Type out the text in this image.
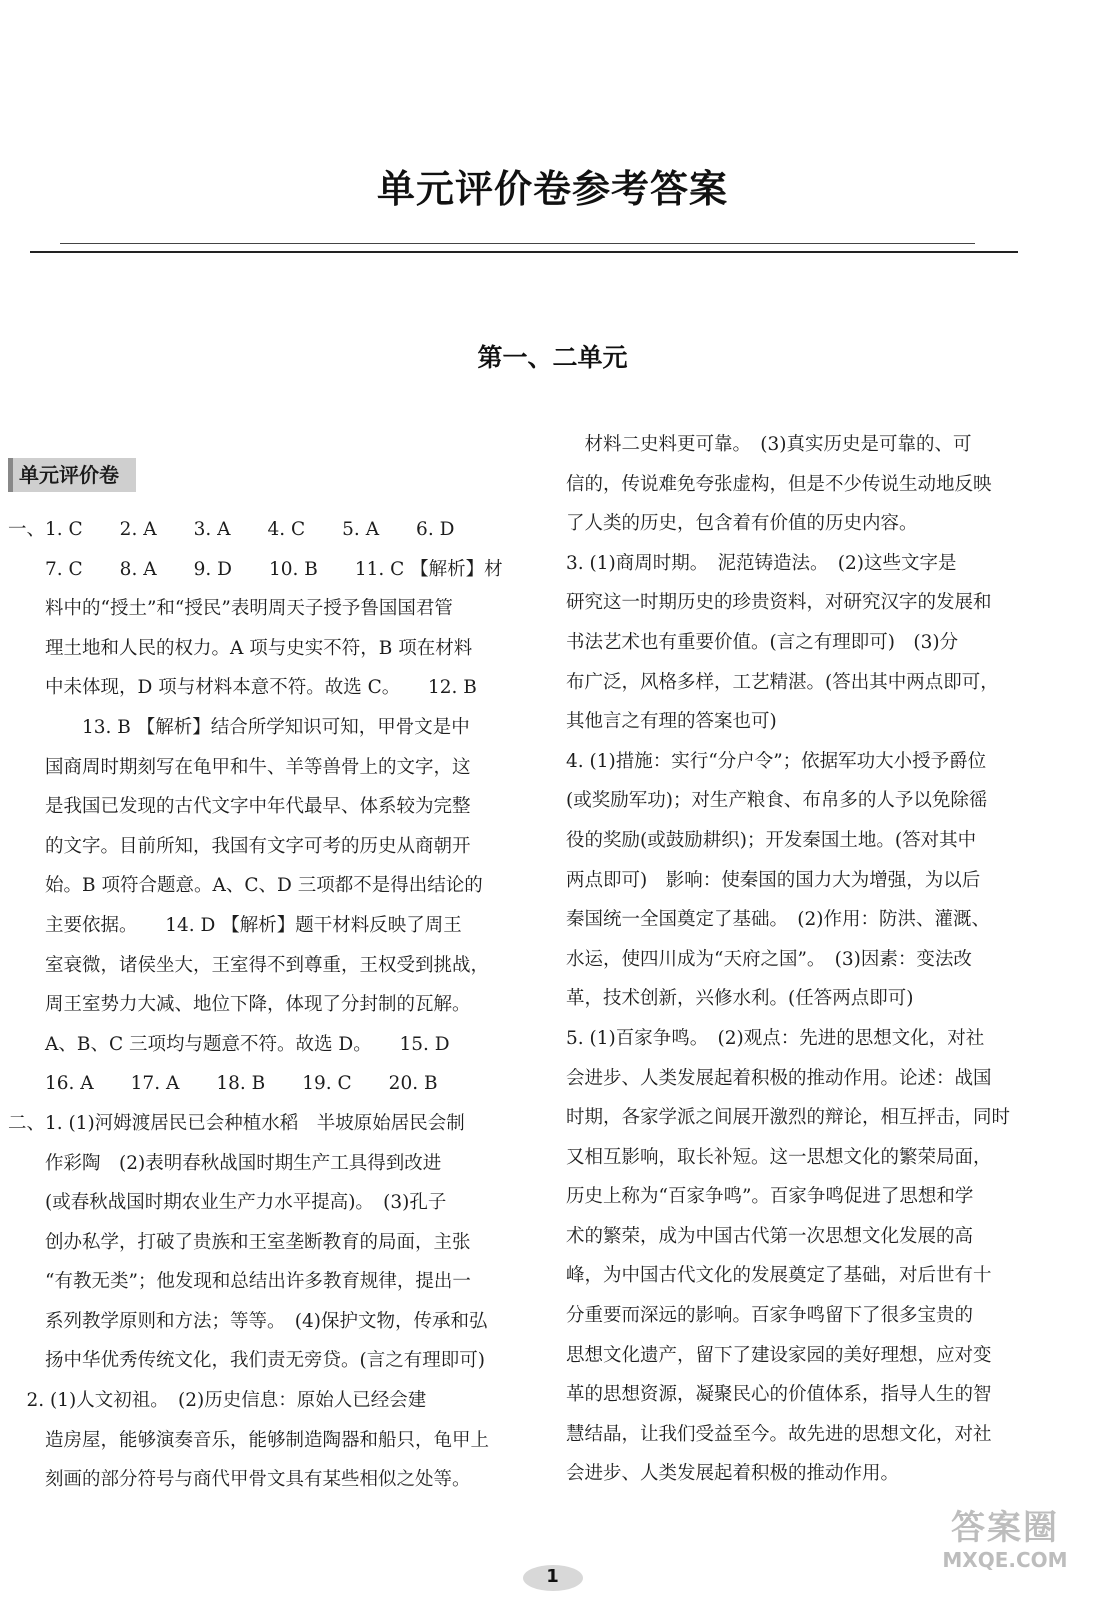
单元评价卷参考答案
第一、二单元
单元评价卷

一、1. C　　2. A　　3. A　　4. C　　5. A　　6. D

　　7. C　　8. A　　9. D　　10. B　　11. C 【解析】材

　　料中的“授土”和“授民”表明周天子授予鲁国国君管

　　理土地和人民的权力。A 项与史实不符，B 项在材料

　　中未体现，D 项与材料本意不符。故选 C。　　12. B

　　　　13. B 【解析】结合所学知识可知，甲骨文是中

　　国商周时期刻写在龟甲和牛、羊等兽骨上的文字，这

　　是我国已发现的古代文字中年代最早、体系较为完整

　　的文字。目前所知，我国有文字可考的历史从商朝开

　　始。B 项符合题意。A、C、D 三项都不是得出结论的

　　主要依据。　　14. D 【解析】题干材料反映了周王

　　室衰微，诸侯坐大，王室得不到尊重，王权受到挑战，

　　周王室势力大减、地位下降，体现了分封制的瓦解。

　　A、B、C 三项均与题意不符。故选 D。　　15. D

　　16. A　　17. A　　18. B　　19. C　　20. B

二、1. (1)河姆渡居民已会种植水稻　半坡原始居民会制

　　作彩陶　(2)表明春秋战国时期生产工具得到改进

　　(或春秋战国时期农业生产力水平提高)。　(3)孔子

　　创办私学，打破了贵族和王室垄断教育的局面，主张

　　“有教无类”；他发现和总结出许多教育规律，提出一

　　系列教学原则和方法；等等。　(4)保护文物，传承和弘

　　扬中华优秀传统文化，我们责无旁贷。(言之有理即可)

　2. (1)人文初祖。　(2)历史信息：原始人已经会建

　　造房屋，能够演奏音乐，能够制造陶器和船只，龟甲上

　　刻画的部分符号与商代甲骨文具有某些相似之处等。

　材料二史料更可靠。　(3)真实历史是可靠的、可

信的，传说难免夸张虚构，但是不少传说生动地反映

了人类的历史，包含着有价值的历史内容。

3. (1)商周时期。　泥范铸造法。　(2)这些文字是

研究这一时期历史的珍贵资料，对研究汉字的发展和

书法艺术也有重要价值。(言之有理即可)　(3)分

布广泛，风格多样，工艺精湛。(答出其中两点即可，

其他言之有理的答案也可)

4. (1)措施：实行“分户令”；依据军功大小授予爵位

(或奖励军功)；对生产粮食、布帛多的人予以免除徭

役的奖励(或鼓励耕织)；开发秦国土地。(答对其中

两点即可)　影响：使秦国的国力大为增强，为以后

秦国统一全国奠定了基础。　(2)作用：防洪、灌溉、

水运，使四川成为“天府之国”。　(3)因素：变法改

革，技术创新，兴修水利。(任答两点即可)

5. (1)百家争鸣。　(2)观点：先进的思想文化，对社

会进步、人类发展起着积极的推动作用。论述：战国

时期，各家学派之间展开激烈的辩论，相互抨击，同时

又相互影响，取长补短。这一思想文化的繁荣局面，

历史上称为“百家争鸣”。百家争鸣促进了思想和学

术的繁荣，成为中国古代第一次思想文化发展的高

峰，为中国古代文化的发展奠定了基础，对后世有十

分重要而深远的影响。百家争鸣留下了很多宝贵的

思想文化遗产，留下了建设家园的美好理想，应对变

革的思想资源，凝聚民心的价值体系，指导人生的智

慧结晶，让我们受益至今。故先进的思想文化，对社

会进步、人类发展起着积极的推动作用。

1
答案圈
MXQE.COM
